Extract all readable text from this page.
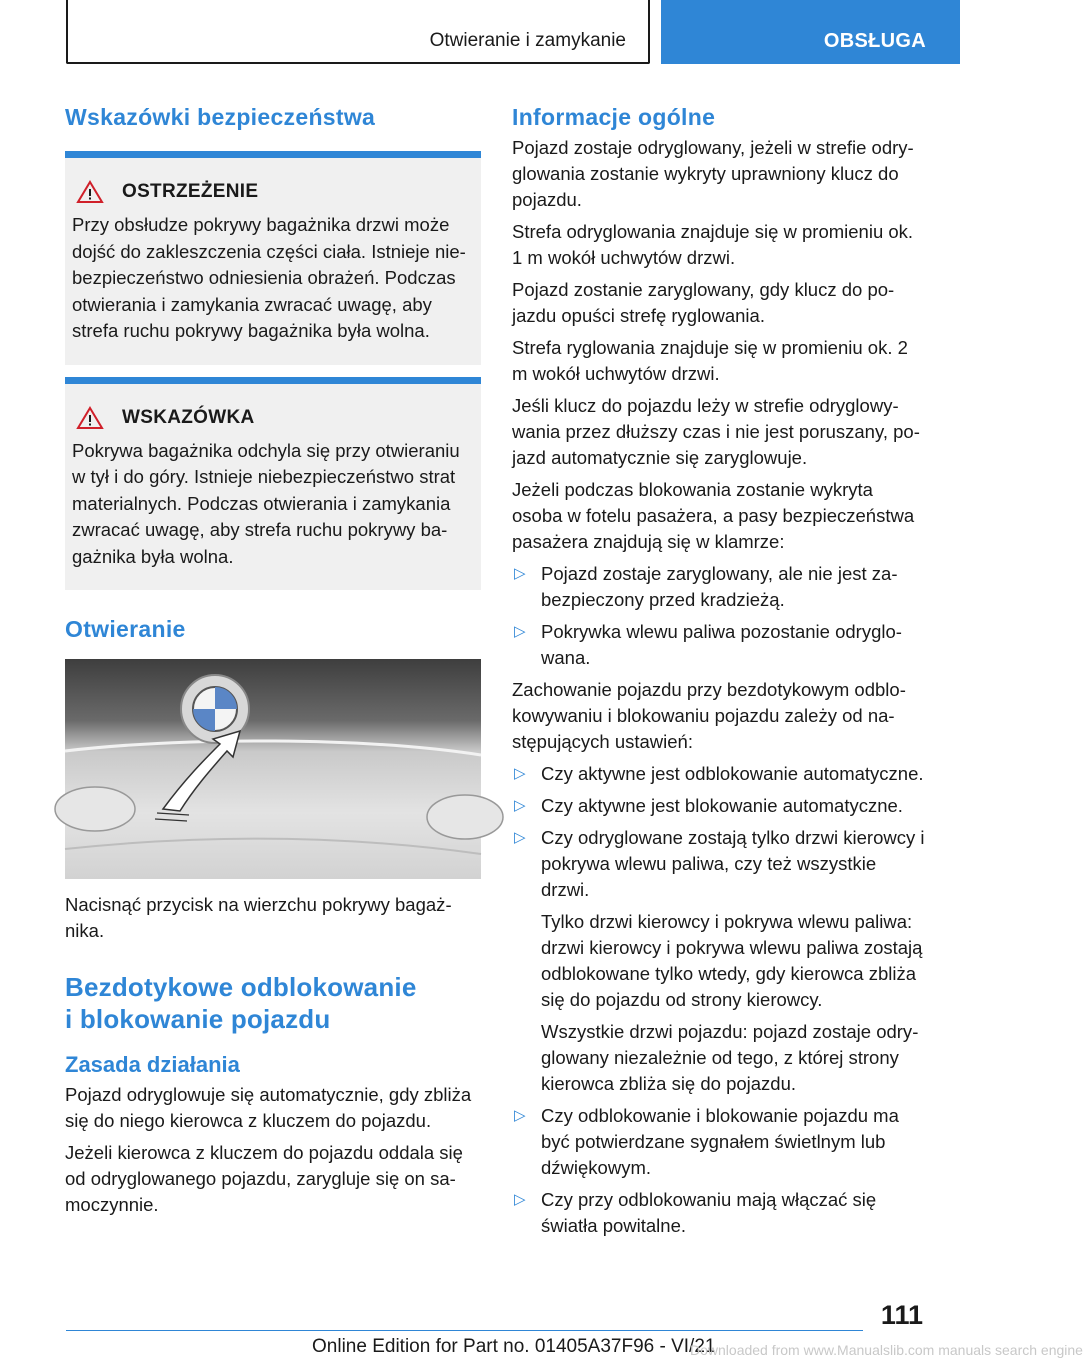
Otwieranie i zamykanie	OBSŁUGA
Wskazówki bezpieczeństwa
OSTRZEŻENIE

Przy obsłudze pokrywy bagażnika drzwi może dojść do zakleszczenia części ciała. Istnieje niebezpieczeństwo odniesienia obrażeń. Podczas otwierania i zamykania zwracać uwagę, aby strefa ruchu pokrywy bagażnika była wolna.

WSKAZÓWKA

Pokrywa bagażnika odchyla się przy otwieraniu w tył i do góry. Istnieje niebezpieczeństwo strat materialnych. Podczas otwierania i zamykania zwracać uwagę, aby strefa ruchu pokrywy bagażnika była wolna.

Otwieranie

Nacisnąć przycisk na wierzchu pokrywy bagażnika.

Bezdotykowe odblokowanie
i blokowanie pojazdu
Zasada działania

Pojazd odryglowuje się automatycznie, gdy zbliża się do niego kierowca z kluczem do pojazdu.

Jeżeli kierowca z kluczem do pojazdu oddala się od odryglowanego pojazdu, zarygluje się on samoczynnie.

Informacje ogólne

Pojazd zostaje odryglowany, jeżeli w strefie odryglowania zostanie wykryty uprawniony klucz do pojazdu.

Strefa odryglowania znajduje się w promieniu ok. 1 m wokół uchwytów drzwi.

Pojazd zostanie zaryglowany, gdy klucz do pojazdu opuści strefę ryglowania.

Strefa ryglowania znajduje się w promieniu ok. 2 m wokół uchwytów drzwi.

Jeśli klucz do pojazdu leży w strefie odryglowywania przez dłuższy czas i nie jest poruszany, pojazd automatycznie się zaryglowuje.

Jeżeli podczas blokowania zostanie wykryta osoba w fotelu pasażera, a pasy bezpieczeństwa pasażera znajdują się w klamrze:

▷ Pojazd zostaje zaryglowany, ale nie jest zabezpieczony przed kradzieżą.
▷ Pokrywka wlewu paliwa pozostanie odryglowana.

Zachowanie pojazdu przy bezdotykowym odblokowywaniu i blokowaniu pojazdu zależy od następujących ustawień:

▷ Czy aktywne jest odblokowanie automatyczne.
▷ Czy aktywne jest blokowanie automatyczne.
▷ Czy odryglowane zostają tylko drzwi kierowcy i pokrywa wlewu paliwa, czy też wszystkie drzwi.

Tylko drzwi kierowcy i pokrywa wlewu paliwa: drzwi kierowcy i pokrywa wlewu paliwa zostają odblokowane tylko wtedy, gdy kierowca zbliża się do pojazdu od strony kierowcy.

Wszystkie drzwi pojazdu: pojazd zostaje odryglowany niezależnie od tego, z której strony kierowca zbliża się do pojazdu.

▷ Czy odblokowanie i blokowanie pojazdu ma być potwierdzane sygnałem świetlnym lub dźwiękowym.
▷ Czy przy odblokowaniu mają włączać się światła powitalne.
111
Online Edition for Part no. 01405A37F96 - VI/21
Downloaded from www.Manualslib.com manuals search engine
